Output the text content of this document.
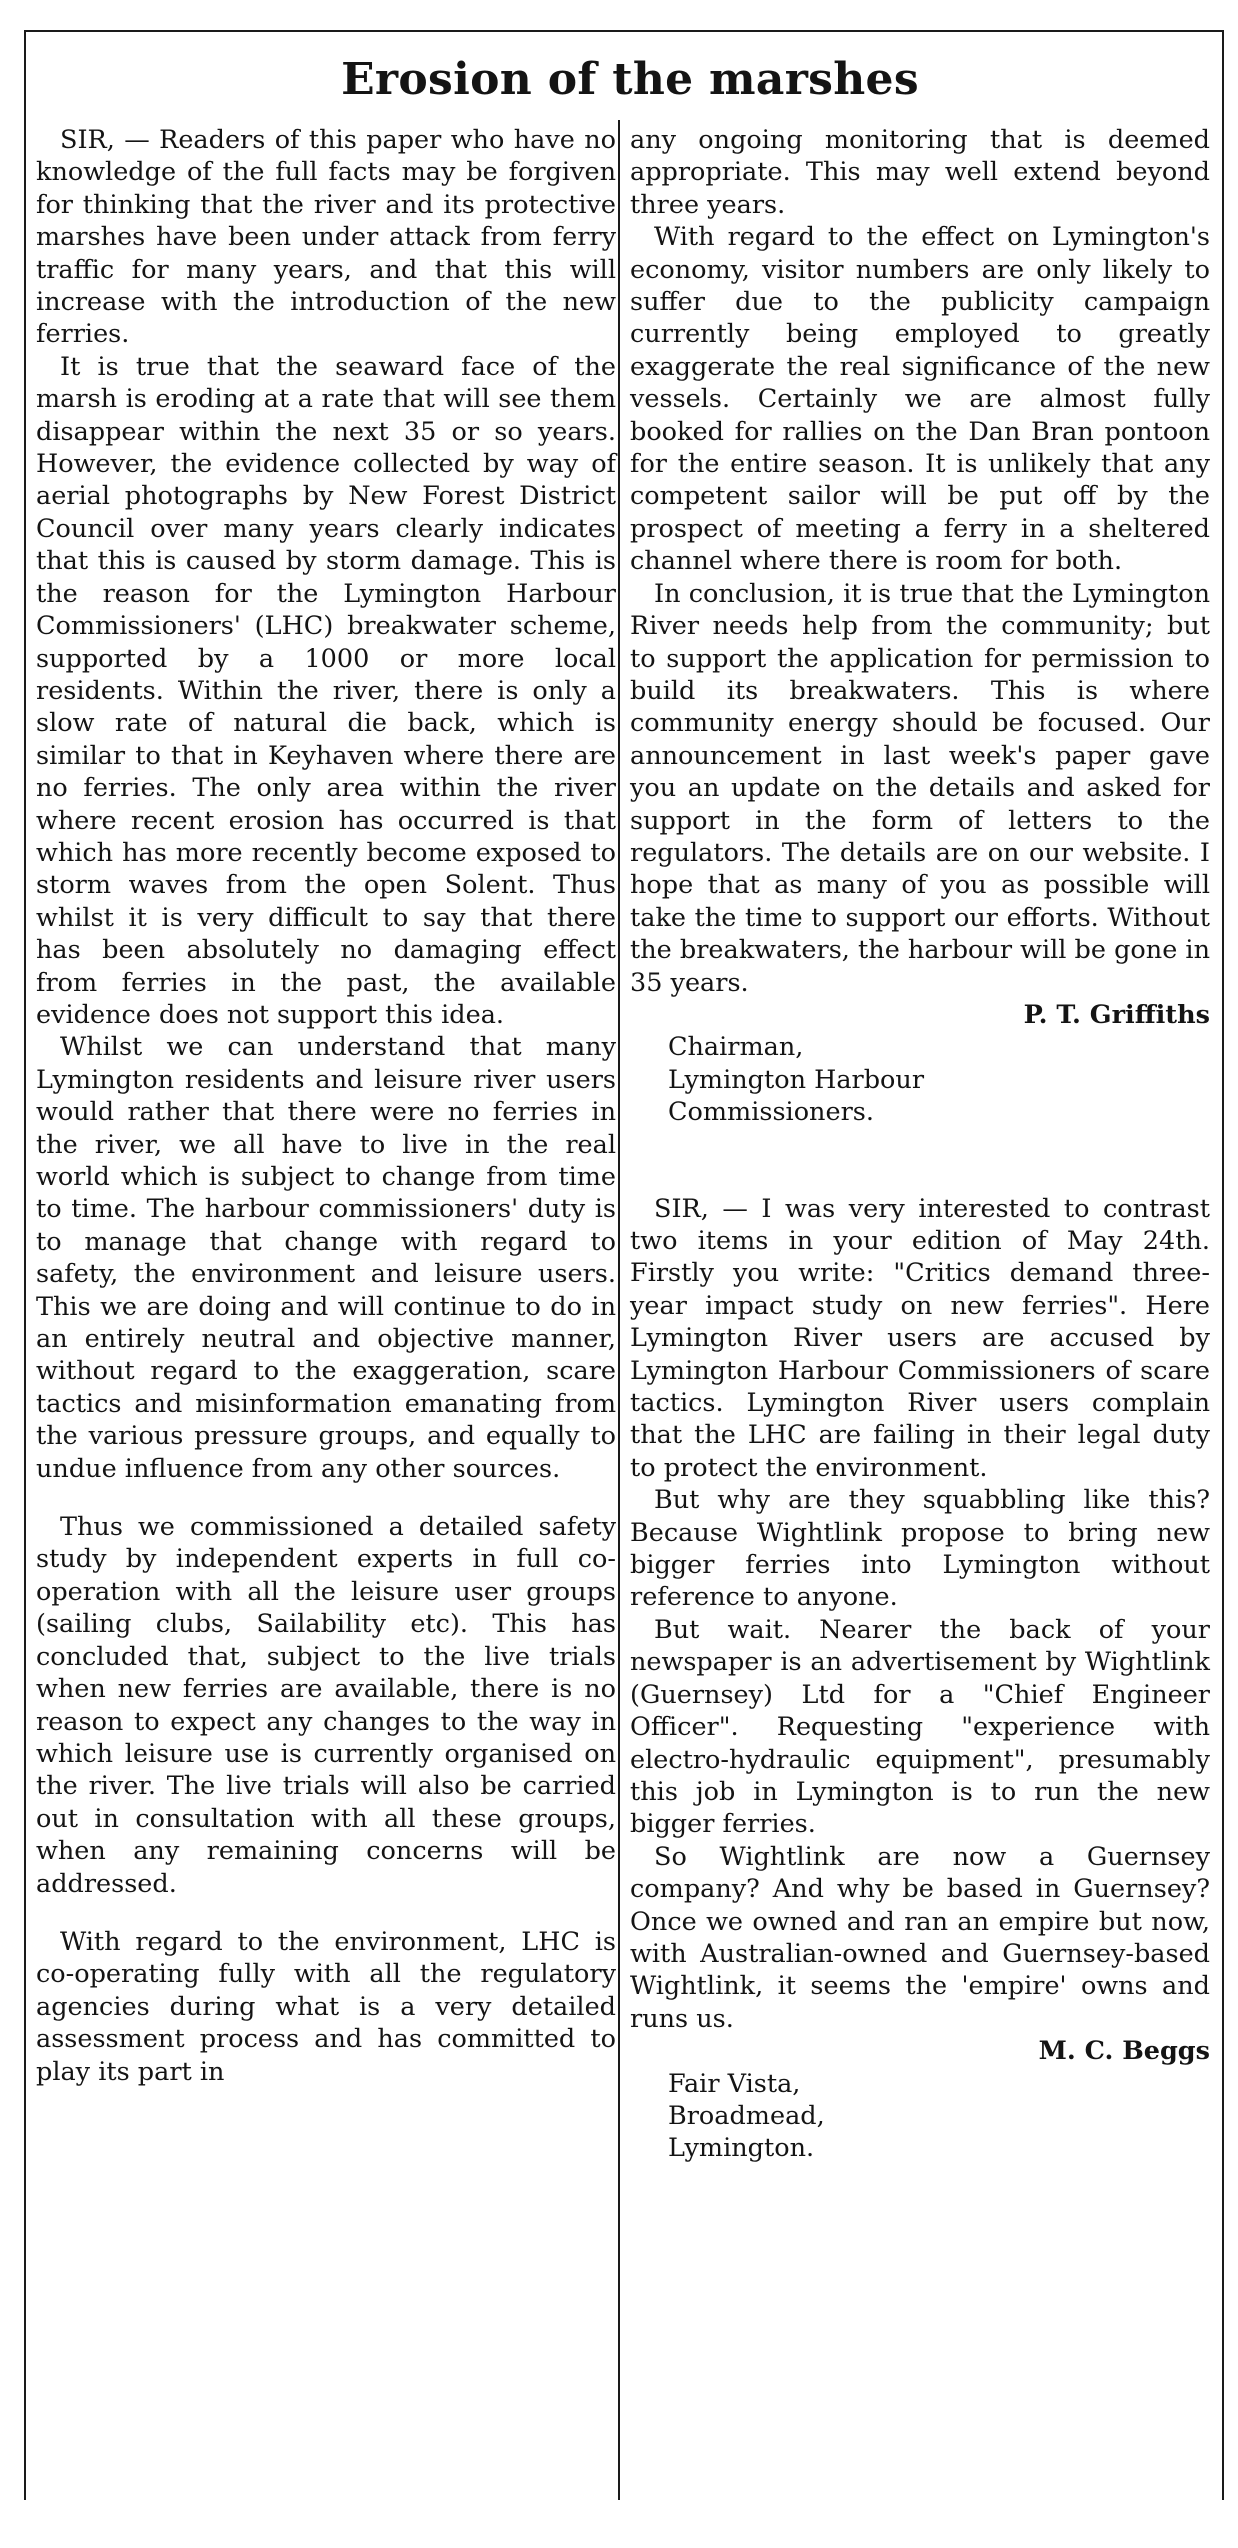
Erosion of the marshes

SIR, — Readers of this paper who have no knowledge of the full facts may be forgiven for thinking that the river and its protective marshes have been under attack from ferry traffic for many years, and that this will increase with the introduction of the new ferries.

It is true that the seaward face of the marsh is eroding at a rate that will see them disappear within the next 35 or so years. However, the evidence collected by way of aerial photographs by New Forest District Council over many years clearly indicates that this is caused by storm damage. This is the reason for the Lymington Harbour Commissioners' (LHC) breakwater scheme, supported by a 1000 or more local residents. Within the river, there is only a slow rate of natural die back, which is similar to that in Keyhaven where there are no ferries. The only area within the river where recent erosion has occurred is that which has more recently become exposed to storm waves from the open Solent. Thus whilst it is very difficult to say that there has been absolutely no damaging effect from ferries in the past, the available evidence does not support this idea.

Whilst we can understand that many Lymington residents and leisure river users would rather that there were no ferries in the river, we all have to live in the real world which is subject to change from time to time. The harbour commissioners' duty is to manage that change with regard to safety, the environment and leisure users. This we are doing and will continue to do in an entirely neutral and objective manner, without regard to the exaggeration, scare tactics and misinformation emanating from the various pressure groups, and equally to undue influence from any other sources.

Thus we commissioned a detailed safety study by independent experts in full co-operation with all the leisure user groups (sailing clubs, Sailability etc). This has concluded that, subject to the live trials when new ferries are available, there is no reason to expect any changes to the way in which leisure use is currently organised on the river. The live trials will also be carried out in consultation with all these groups, when any remaining concerns will be addressed.

With regard to the environment, LHC is co-operating fully with all the regulatory agencies during what is a very detailed assessment process and has committed to play its part in

any ongoing monitoring that is deemed appropriate. This may well extend beyond three years.

With regard to the effect on Lymington's economy, visitor numbers are only likely to suffer due to the publicity campaign currently being employed to greatly exaggerate the real significance of the new vessels. Certainly we are almost fully booked for rallies on the Dan Bran pontoon for the entire season. It is unlikely that any competent sailor will be put off by the prospect of meeting a ferry in a sheltered channel where there is room for both.

In conclusion, it is true that the Lymington River needs help from the community; but to support the application for permission to build its breakwaters. This is where community energy should be focused. Our announcement in last week's paper gave you an update on the details and asked for support in the form of letters to the regulators. The details are on our website. I hope that as many of you as possible will take the time to support our efforts. Without the breakwaters, the harbour will be gone in 35 years.

P. T. Griffiths

Chairman,
Lymington Harbour
Commissioners.

SIR, — I was very interested to contrast two items in your edition of May 24th. Firstly you write: "Critics demand three-year impact study on new ferries". Here Lymington River users are accused by Lymington Harbour Commissioners of scare tactics. Lymington River users complain that the LHC are failing in their legal duty to protect the environment.

But why are they squabbling like this? Because Wightlink propose to bring new bigger ferries into Lymington without reference to anyone.

But wait. Nearer the back of your newspaper is an advertisement by Wightlink (Guernsey) Ltd for a "Chief Engineer Officer". Requesting "experience with electro-hydraulic equipment", presumably this job in Lymington is to run the new bigger ferries.

So Wightlink are now a Guernsey company? And why be based in Guernsey? Once we owned and ran an empire but now, with Australian-owned and Guernsey-based Wightlink, it seems the 'empire' owns and runs us.

M. C. Beggs

Fair Vista,
Broadmead,
Lymington.
